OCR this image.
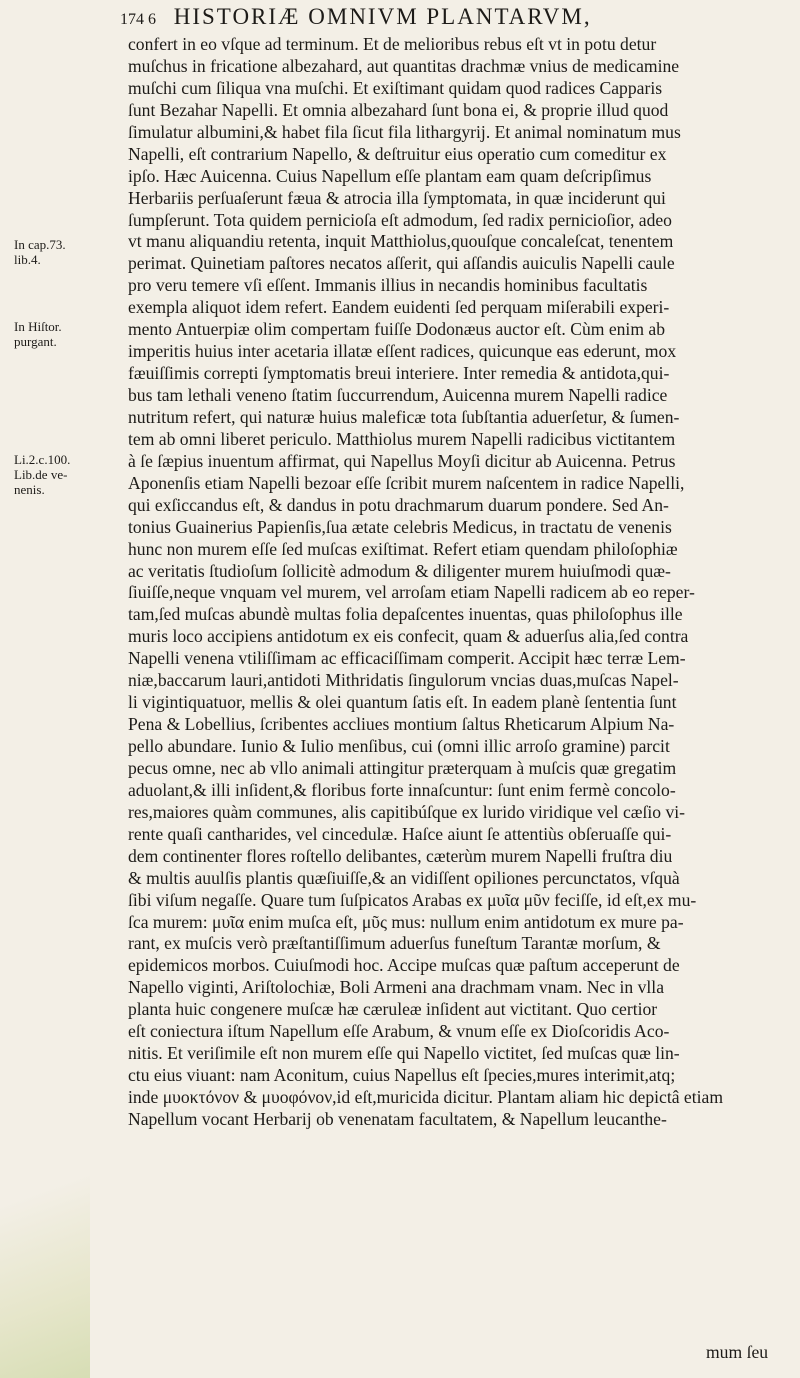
174 6 HISTORIÆ OMNIVM PLANTARVM,
confert in eo vſque ad terminum. Et de melioribus rebus eſt vt in potu detur
muſchus in fricatione albezahard, aut quantitas drachmæ vnius de medicamine
muſchi cum ſiliqua vna muſchi. Et exiſtimant quidam quod radices Capparis
ſunt Bezahar Napelli. Et omnia albezahard ſunt bona ei, & proprie illud quod
ſimulatur albumini,& habet fila ſicut fila lithargyrij. Et animal nominatum mus
Napelli, eſt contrarium Napello, & deſtruitur eius operatio cum comeditur ex
ipſo. Hæc Auicenna. Cuius Napellum eſſe plantam eam quam deſcripſimus
Herbariis perſuaſerunt fæua & atrocia illa ſymptomata, in quæ inciderunt qui
ſumpſerunt. Tota quidem pernicioſa eſt admodum, ſed radix pernicioſior, adeo
vt manu aliquandiu retenta, inquit Matthiolus,quouſque concaleſcat, tenentem
perimat. Quinetiam paſtores necatos aſſerit, qui aſſandis auiculis Napelli caule
pro veru temere vſi eſſent. Immanis illius in necandis hominibus facultatis
exempla aliquot idem refert. Eandem euidenti ſed perquam miſerabili experi-
mento Antuerpiæ olim compertam fuiſſe Dodonæus auctor eſt. Cùm enim ab
imperitis huius inter acetaria illatæ eſſent radices, quicunque eas ederunt, mox
fæuiſſimis correpti ſymptomatis breui interiere. Inter remedia & antidota,qui-
bus tam lethali veneno ſtatim ſuccurrendum, Auicenna murem Napelli radice
nutritum refert, qui naturæ huius maleficæ tota ſubſtantia aduerſetur, & ſumen-
tem ab omni liberet periculo. Matthiolus murem Napelli radicibus victitantem
à ſe ſæpius inuentum affirmat, qui Napellus Moyſi dicitur ab Auicenna. Petrus
Aponenſis etiam Napelli bezoar eſſe ſcribit murem naſcentem in radice Napelli,
qui exſiccandus eſt, & dandus in potu drachmarum duarum pondere. Sed An-
tonius Guainerius Papienſis,ſua ætate celebris Medicus, in tractatu de venenis
hunc non murem eſſe ſed muſcas exiſtimat. Refert etiam quendam philoſophiæ
ac veritatis ſtudioſum ſollicitè admodum & diligenter murem huiuſmodi quæ-
ſiuiſſe,neque vnquam vel murem, vel arroſam etiam Napelli radicem ab eo reper-
tam,ſed muſcas abundè multas folia depaſcentes inuentas, quas philoſophus ille
muris loco accipiens antidotum ex eis confecit, quam & aduerſus alia,ſed contra
Napelli venena vtiliſſimam ac efficaciſſimam comperit. Accipit hæc terræ Lem-
niæ,baccarum lauri,antidoti Mithridatis ſingulorum vncias duas,muſcas Napel-
li vigintiquatuor, mellis & olei quantum ſatis eſt. In eadem planè ſententia ſunt
Pena & Lobellius, ſcribentes accliues montium ſaltus Rheticarum Alpium Na-
pello abundare. Iunio & Iulio menſibus, cui (omni illic arroſo gramine) parcit
pecus omne, nec ab vllo animali attingitur præterquam à muſcis quæ gregatim
aduolant,& illi inſident,& floribus forte innaſcuntur: ſunt enim fermè concolo-
res,maiores quàm communes, alis capitibúſque ex lurido viridique vel cæſio vi-
rente quaſi cantharides, vel cincedulæ. Haſce aiunt ſe attentiùs obſeruaſſe qui-
dem continenter flores roſtello delibantes, cæterùm murem Napelli fruſtra diu
& multis auulſis plantis quæſiuiſſe,& an vidiſſent opiliones percunctatos, vſquà
ſibi viſum negaſſe. Quare tum ſuſpicatos Arabas ex μυῖα μῦν feciſſe, id eſt,ex mu-
ſca murem: μυῖα enim muſca eſt, μῦς mus: nullum enim antidotum ex mure pa-
rant, ex muſcis verò præſtantiſſimum aduerſus funeſtum Tarantæ morſum, &
epidemicos morbos. Cuiuſmodi hoc. Accipe muſcas quæ paſtum acceperunt de
Napello viginti, Ariſtolochiæ, Boli Armeni ana drachmam vnam. Nec in vlla
planta huic congenere muſcæ hæ cæruleæ inſident aut victitant. Quo certior
eſt coniectura iſtum Napellum eſſe Arabum, & vnum eſſe ex Dioſcoridis Aco-
nitis. Et veriſimile eſt non murem eſſe qui Napello victitet, ſed muſcas quæ lin-
ctu eius viuant: nam Aconitum, cuius Napellus eſt ſpecies,mures interimit,atq;
inde μυοκτόνον & μυοφόνον,id eſt,muricida dicitur. Plantam aliam hic depictâ etiam
Napellum vocant Herbarij ob venenatam facultatem, & Napellum leucanthe-
In cap.73.
lib.4.
In Hiſtor.
purgant.
Li.2.c.100.
Lib.de ve-
nenis.
mum ſeu
